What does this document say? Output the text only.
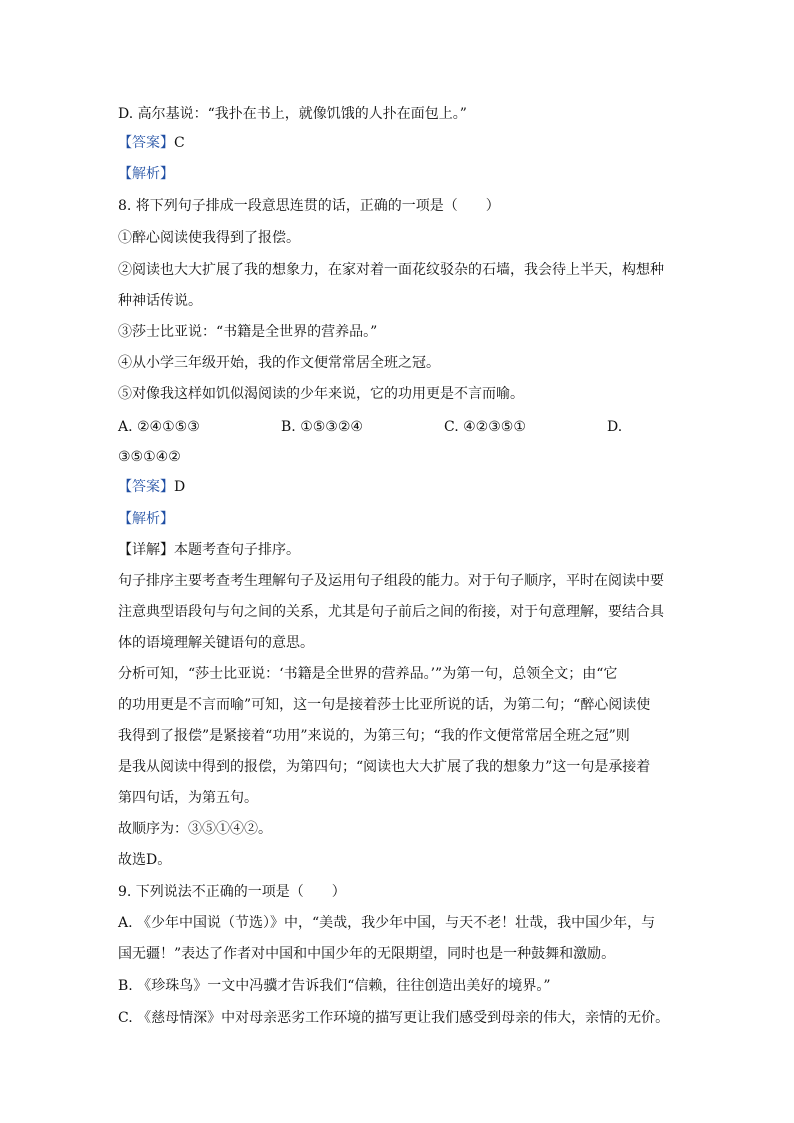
D. 高尔基说：“我扑在书上，就像饥饿的人扑在面包上。”
【答案】C
【解析】
8. 将下列句子排成一段意思连贯的话，正确的一项是（　　）
①醉心阅读使我得到了报偿。
②阅读也大大扩展了我的想象力，在家对着一面花纹驳杂的石墙，我会待上半天，构想种
种神话传说。
③莎士比亚说：“书籍是全世界的营养品。”
④从小学三年级开始，我的作文便常常居全班之冠。
⑤对像我这样如饥似渴阅读的少年来说，它的功用更是不言而喻。
A. ②④①⑤③	B. ①⑤③②④	C. ④②③⑤①	D.
③⑤①④②
【答案】D
【解析】
【详解】本题考查句子排序。
句子排序主要考查考生理解句子及运用句子组段的能力。对于句子顺序，平时在阅读中要
注意典型语段句与句之间的关系，尤其是句子前后之间的衔接，对于句意理解，要结合具
体的语境理解关键语句的意思。
分析可知，“莎士比亚说：‘书籍是全世界的营养品。’”为第一句，总领全文；由“它
的功用更是不言而喻”可知，这一句是接着莎士比亚所说的话，为第二句；“醉心阅读使
我得到了报偿”是紧接着“功用”来说的，为第三句；“我的作文便常常居全班之冠”则
是我从阅读中得到的报偿，为第四句；“阅读也大大扩展了我的想象力”这一句是承接着
第四句话，为第五句。
故顺序为：③⑤①④②。
故选D。
9. 下列说法不正确的一项是（　　）
A. 《少年中国说（节选）》中，“美哉，我少年中国，与天不老！壮哉，我中国少年，与
国无疆！”表达了作者对中国和中国少年的无限期望，同时也是一种鼓舞和激励。
B. 《珍珠鸟》一文中冯骥才告诉我们“信赖，往往创造出美好的境界。”
C. 《慈母情深》中对母亲恶劣工作环境的描写更让我们感受到母亲的伟大，亲情的无价。
